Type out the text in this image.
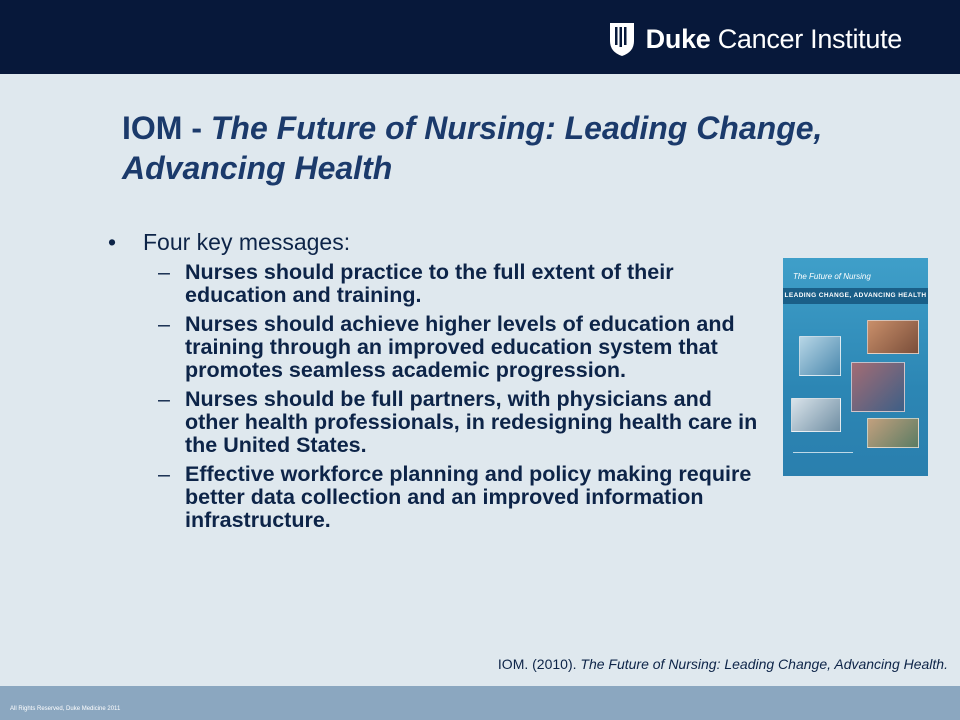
Duke Cancer Institute
IOM - The Future of Nursing: Leading Change, Advancing Health
•	Four key messages:
– Nurses should practice to the full extent of their education and training.
– Nurses should achieve higher levels of education and training through an improved education system that promotes seamless academic progression.
– Nurses should be full partners, with physicians and other health professionals, in redesigning health care in the United States.
– Effective workforce planning and policy making require better data collection and an improved information infrastructure.
The Future of Nursing
LEADING CHANGE, ADVANCING HEALTH
IOM. (2010). The Future of Nursing: Leading Change, Advancing Health.
All Rights Reserved, Duke Medicine 2011
